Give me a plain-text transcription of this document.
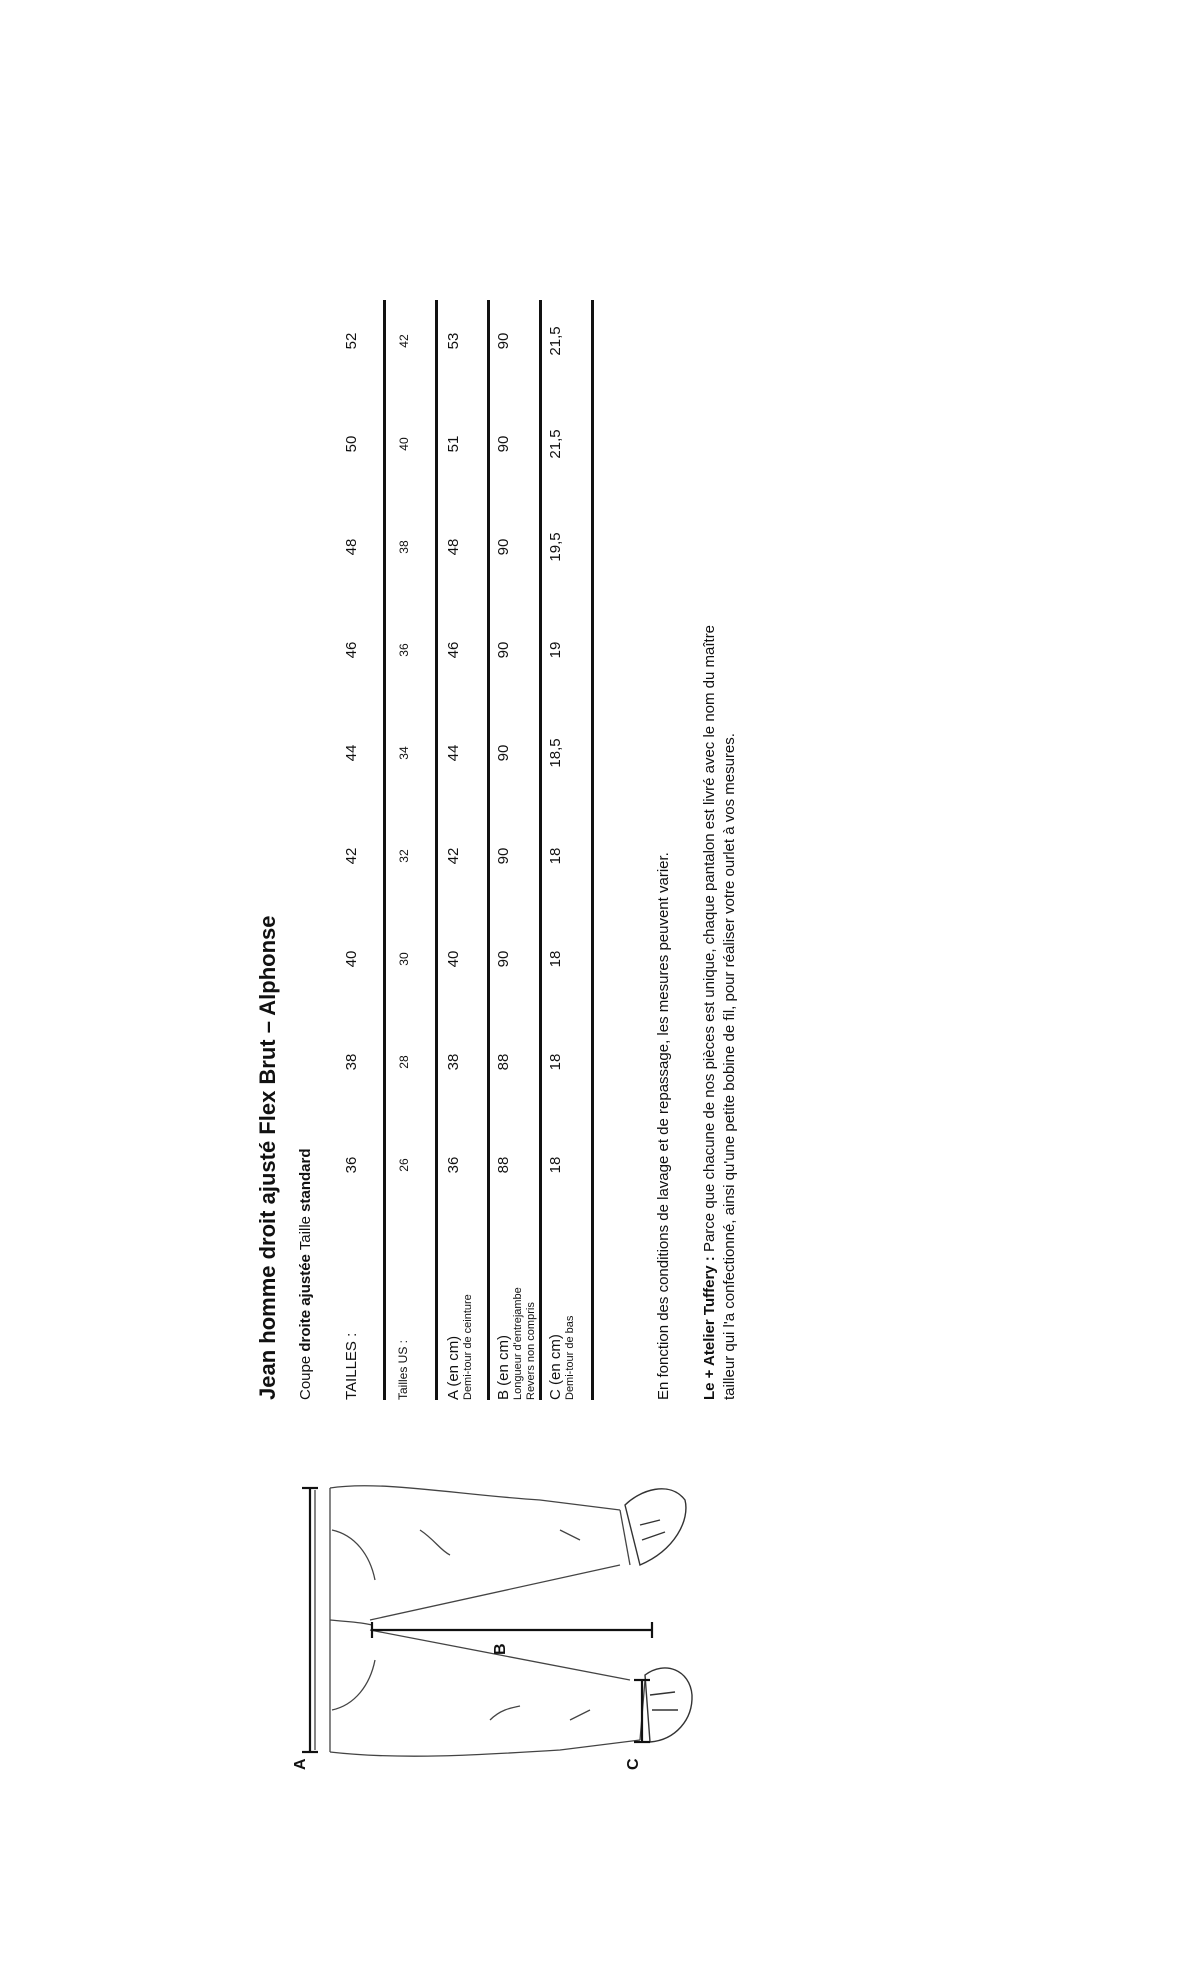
Jean homme droit ajusté Flex Brut – Alphonse Coupe droite ajustée Taille standard
TAILLES :
36
38
40
42
44
46
48
50
52
Tailles US :
26
28
30
32
34
36
38
40
42
A (en cm) Demi-tour de ceinture
36
38
40
42
44
46
48
51
53
B (en cm) Longueur d'entrejambe Revers non compris
88
88
90
90
90
90
90
90
90
C (en cm) Demi-tour de bas
18
18
18
18
18,5
19
19,5
21,5
21,5
En fonction des conditions de lavage et de repassage, les mesures peuvent varier. Le + Atelier Tuffery : Parce que chacune de nos pièces est unique, chaque pantalon est livré avec le nom du maître tailleur qui l'a confectionné, ainsi qu'une petite bobine de fil, pour réaliser votre ourlet à vos mesures.
A
B
C
